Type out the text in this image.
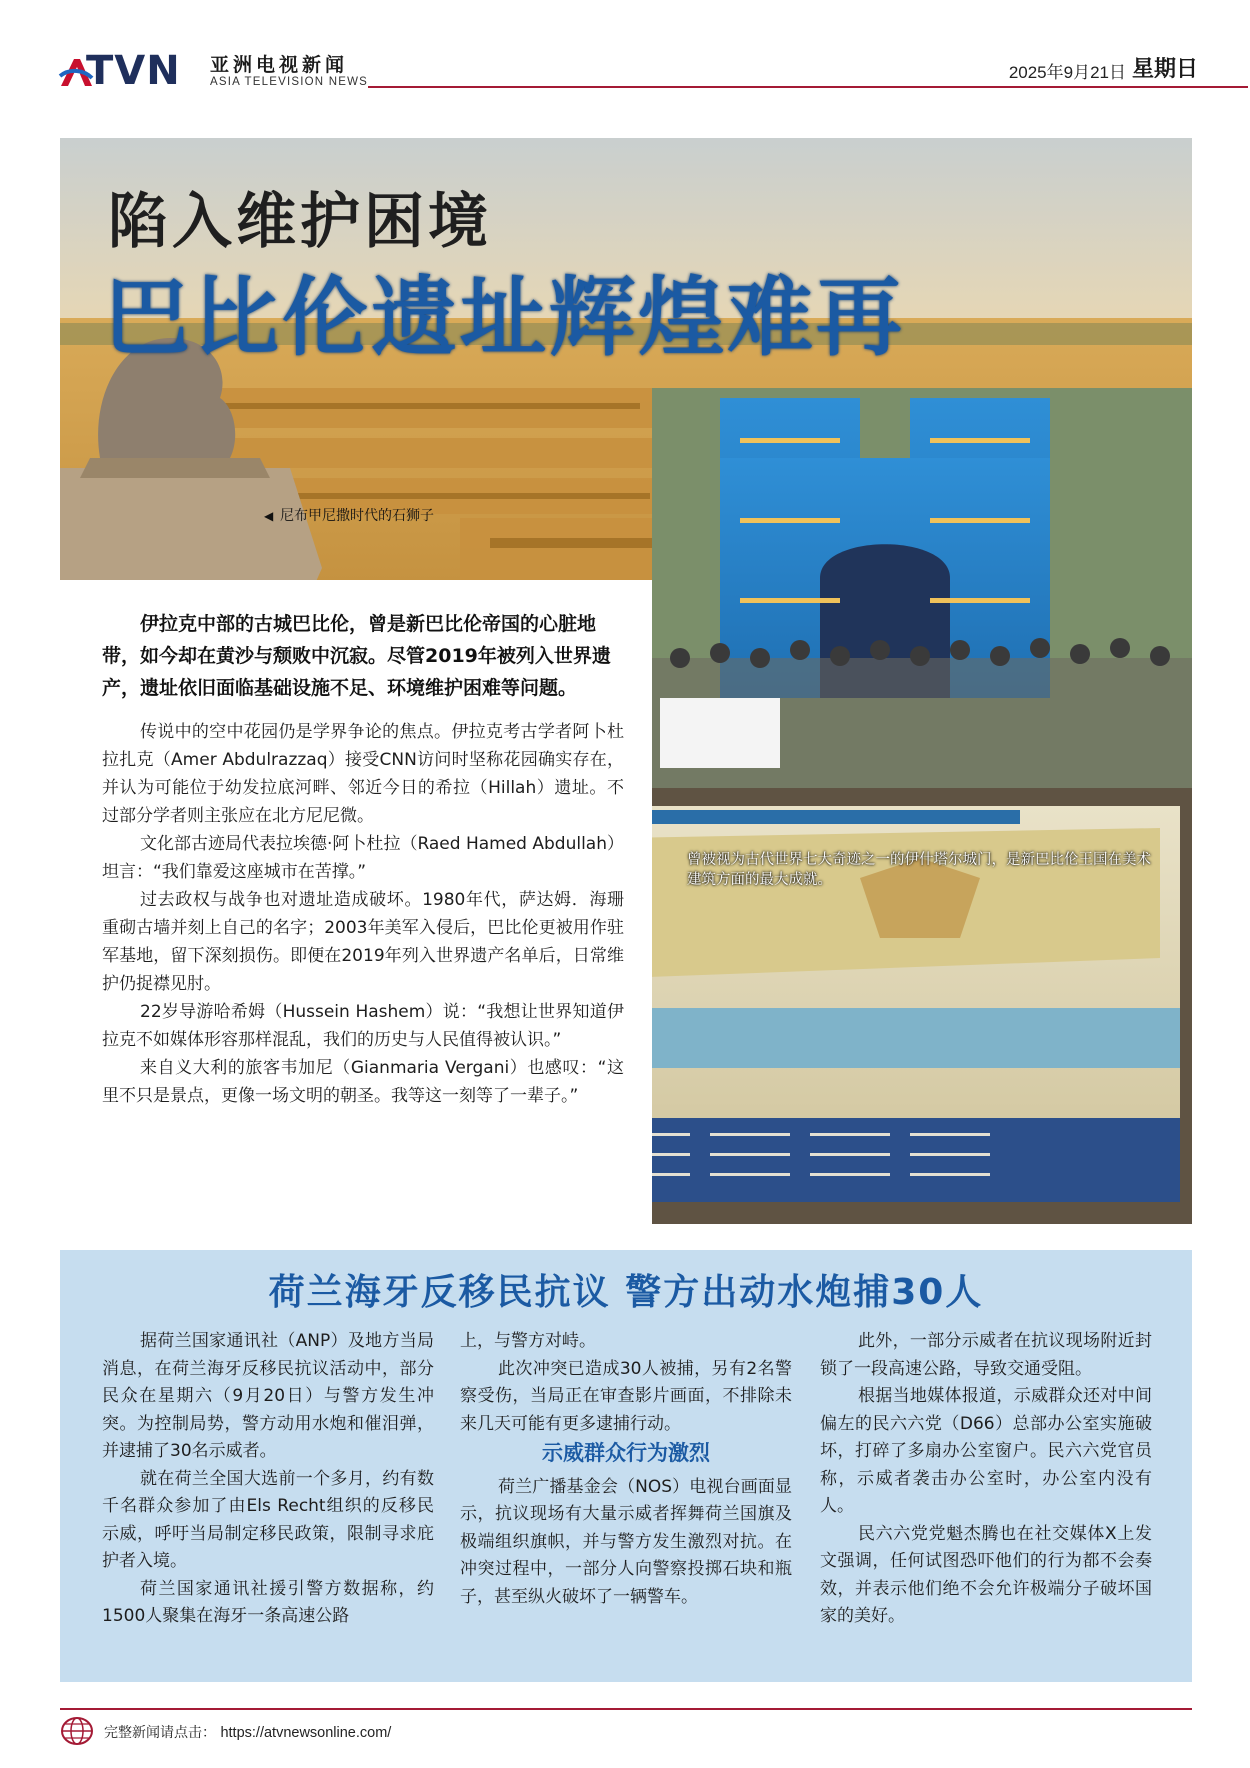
TVN 亚洲电视新闻
ASIA TELEVISION NEWS	2025年9月21日 星期日
陷入维护困境
巴比伦遗址辉煌难再
◀ 尼布甲尼撒时代的石狮子

伊拉克中部的古城巴比伦，曾是新巴比伦帝国的心脏地带，如今却在黄沙与颓败中沉寂。尽管2019年被列入世界遗产，遗址依旧面临基础设施不足、环境维护困难等问题。

传说中的空中花园仍是学界争论的焦点。伊拉克考古学者阿卜杜拉扎克（Amer Abdulrazzaq）接受CNN访问时坚称花园确实存在，并认为可能位于幼发拉底河畔、邻近今日的希拉（Hillah）遗址。不过部分学者则主张应在北方尼尼微。

文化部古迹局代表拉埃德·阿卜杜拉（Raed Hamed Abdullah）坦言：“我们靠爱这座城市在苦撑。”

过去政权与战争也对遗址造成破坏。1980年代，萨达姆．海珊重砌古墙并刻上自己的名字；2003年美军入侵后，巴比伦更被用作驻军基地，留下深刻损伤。即便在2019年列入世界遗产名单后，日常维护仍捉襟见肘。

22岁导游哈希姆（Hussein Hashem）说：“我想让世界知道伊拉克不如媒体形容那样混乱，我们的历史与人民值得被认识。”

来自义大利的旅客韦加尼（Gianmaria Vergani）也感叹：“这里不只是景点，更像一场文明的朝圣。我等这一刻等了一辈子。”

曾被视为古代世界七大奇迹之一的伊什塔尔城门，是新巴比伦王国在美术建筑方面的最大成就。
荷兰海牙反移民抗议 警方出动水炮捕30人

据荷兰国家通讯社（ANP）及地方当局消息，在荷兰海牙反移民抗议活动中，部分民众在星期六（9月20日）与警方发生冲突。为控制局势，警方动用水炮和催泪弹，并逮捕了30名示威者。

就在荷兰全国大选前一个多月，约有数千名群众参加了由Els Recht组织的反移民示威，呼吁当局制定移民政策，限制寻求庇护者入境。

荷兰国家通讯社援引警方数据称，约1500人聚集在海牙一条高速公路

上，与警方对峙。

此次冲突已造成30人被捕，另有2名警察受伤，当局正在审查影片画面，不排除未来几天可能有更多逮捕行动。

示威群众行为激烈

荷兰广播基金会（NOS）电视台画面显示，抗议现场有大量示威者挥舞荷兰国旗及极端组织旗帜，并与警方发生激烈对抗。在冲突过程中，一部分人向警察投掷石块和瓶子，甚至纵火破坏了一辆警车。

此外，一部分示威者在抗议现场附近封锁了一段高速公路，导致交通受阻。

根据当地媒体报道，示威群众还对中间偏左的民六六党（D66）总部办公室实施破坏，打碎了多扇办公室窗户。民六六党官员称，示威者袭击办公室时，办公室内没有人。

民六六党党魁杰腾也在社交媒体X上发文强调，任何试图恐吓他们的行为都不会奏效，并表示他们绝不会允许极端分子破坏国家的美好。

完整新闻请点击： https://atvnewsonline.com/
